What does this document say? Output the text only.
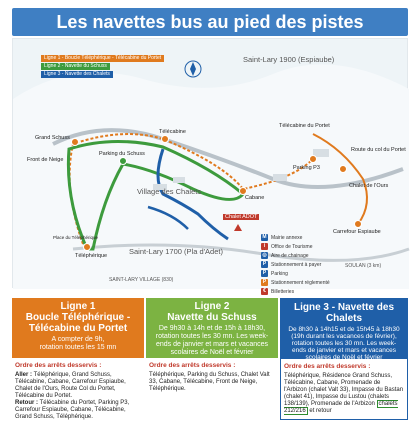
Les navettes bus au pied des pistes
Ligne 1 - Boucle Téléphérique - Télécabine du Portet
Ligne 2 - Navette du Schuss
Ligne 3 - Navette des Chalets
Saint-Lary 1900 (Espiaube)
Village des Chalets
Saint-Lary 1700 (Pla d'Adet)
SAINT-LARY VILLAGE (830)
SOULAN (3 km)
Grand Schuss
Télécabine
Parking du Schuss
Front de Neige
Téléphérique
Cabane
Parking P3
Télécabine du Portet
Route du col du Portet
Chalet de l'Ours
Carrefour Espiaube
Chalet ADOT
Place du Téléphérique	M Mairie annexe
i	Office de Tourisme
◎ Aire de chainage
P Stationnement à payer
P Parking
P Stationnement réglementé
€	Billetteries
Ligne 1
Boucle Téléphérique -
Télécabine du Portet
A compter de 9h,
rotation toutes les 15 mn
Ordre des arrêts desservis :
Aller : Téléphérique, Grand Schuss, Télécabine, Cabane, Carrefour Espiaube, Chalet de l'Ours, Route Col du Portet, Télécabine du Portet.
Retour : Télécabine du Portet, Parking P3, Carrefour Espiaube, Cabane, Télécabine, Grand Schuss, Téléphérique.
Ligne 2
Navette du Schuss
De 9h30 à 14h et de 15h à 18h30, rotation toutes les 30 mn. Les week-ends de janvier et mars et vacances scolaires de Noël et février
Ordre des arrêts desservis :
Téléphérique, Parking du Schuss, Chalet Valt 33, Cabane, Télécabine, Front de Neige, Téléphérique.
Ligne 3 - Navette des Chalets
De 8h30 à 14h15 et de 15h45 à 18h30 (19h durant les vacances de février), rotation toutes les 30 mn. Les week-ends de janvier et mars et vacances scolaires de Noël et février
Ordre des arrêts desservis :
Téléphérique, Résidence Grand Schuss, Télécabine, Cabane, Promenade de l'Arbizon (chalet Valt 33), Impasse du Bastan (chalet 41), Impasse du Lustou (chalets 138/139), Promenade de l'Arbizon chalets 212/216 et retour
